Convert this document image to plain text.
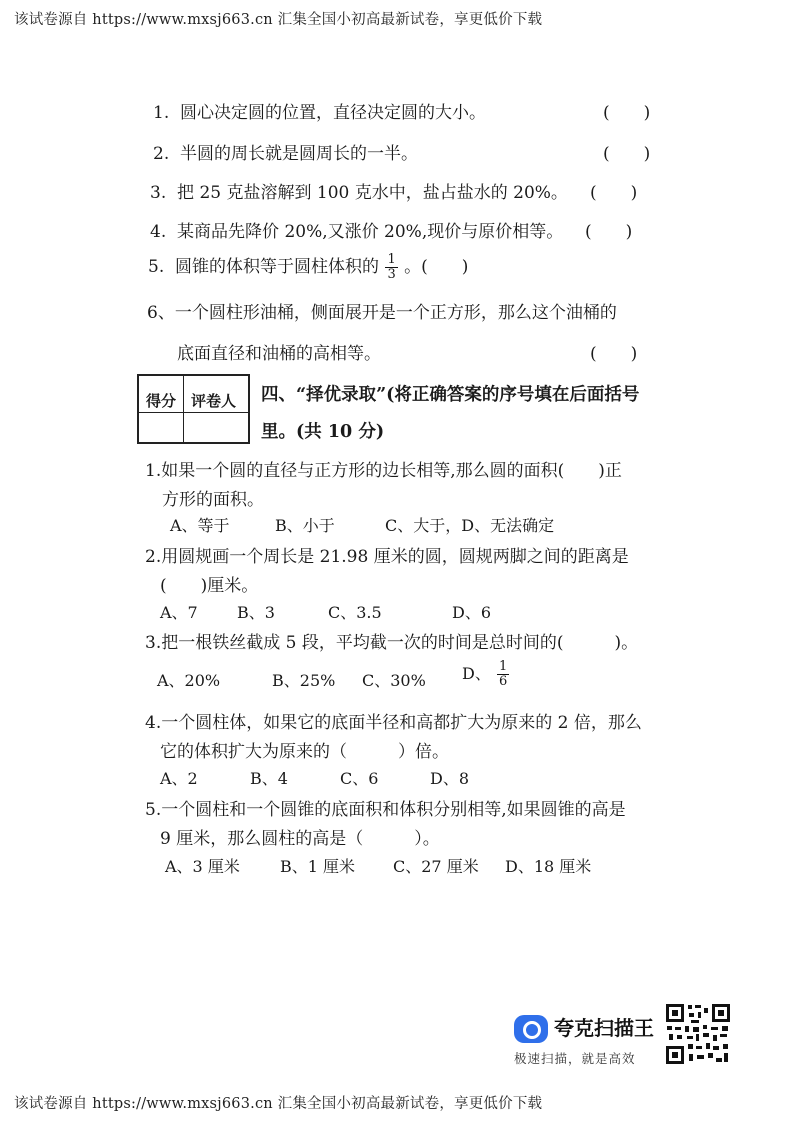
该试卷源自 https://www.mxsj663.cn 汇集全国小初高最新试卷，享更低价下载
1. 圆心决定圆的位置，直径决定圆的大小。	(　　)
2. 半圆的周长就是圆周长的一半。	(　　)
3. 把 25 克盐溶解到 100 克水中，盐占盐水的 20%。 (　　)
4. 某商品先降价 20%,又涨价 20%,现价与原价相等。 (　　)
5. 圆锥的体积等于圆柱体积的 $\frac{1}{3}$ 。(　　)
6、一个圆柱形油桶，侧面展开是一个正方形，那么这个油桶的
底面直径和油桶的高相等。	(　　)
得分 评卷人 四、“择优录取”(将正确答案的序号填在后面括号
里。(共 10 分)
1.如果一个圆的直径与正方形的边长相等,那么圆的面积(　　)正
方形的面积。
A、等于	B、小于	C、大于，D、无法确定
2.用圆规画一个周长是 21.98 厘米的圆，圆规两脚之间的距离是
(　　)厘米。
A、7 B、3	C、3.5	D、6
3.把一根铁丝截成 5 段，平均截一次的时间是总时间的(　　　)。
A、20%	B、25% C、30% D、 $\frac{1}{6}$
4.一个圆柱体，如果它的底面半径和高都扩大为原来的 2 倍，那么
它的体积扩大为原来的（　　　）倍。
A、2	B、4	C、6	D、8
5.一个圆柱和一个圆锥的底面积和体积分别相等,如果圆锥的高是
9 厘米，那么圆柱的高是（　　　）。
A、3 厘米	B、1 厘米 C、27 厘米 D、18 厘米
夸克扫描王
极速扫描，就是高效
该试卷源自 https://www.mxsj663.cn 汇集全国小初高最新试卷，享更低价下载
